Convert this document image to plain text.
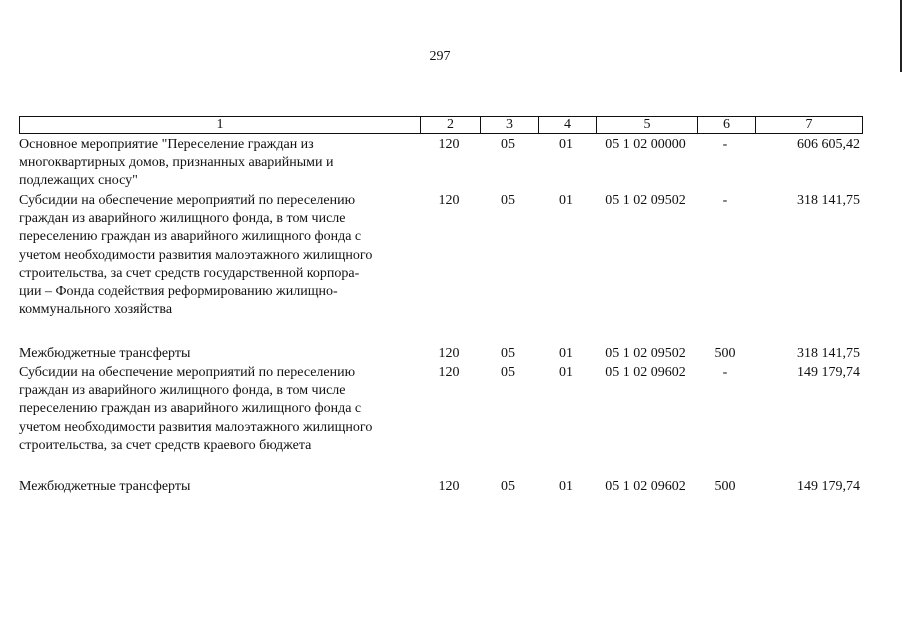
297
1	2	3	4	5	6	7
Основное мероприятие "Переселение граждан из
многоквартирных домов, признанных аварийными и
подлежащих сносу"
120	05	01	05 1 02 00000	-	606 605,42
Субсидии на обеспечение мероприятий по переселению
граждан из аварийного жилищного фонда, в том числе
переселению граждан из аварийного жилищного фонда с
учетом необходимости развития малоэтажного жилищного
строительства, за счет средств государственной корпора-
ции – Фонда содействия реформированию жилищно-
коммунального хозяйства
120	05	01	05 1 02 09502	-	318 141,75
Межбюджетные трансферты	120	05	01	05 1 02 09502	500	318 141,75
Субсидии на обеспечение мероприятий по переселению
граждан из аварийного жилищного фонда, в том числе
переселению граждан из аварийного жилищного фонда с
учетом необходимости развития малоэтажного жилищного
строительства, за счет средств краевого бюджета
120	05	01	05 1 02 09602	-	149 179,74
Межбюджетные трансферты	120	05	01	05 1 02 09602	500	149 179,74
